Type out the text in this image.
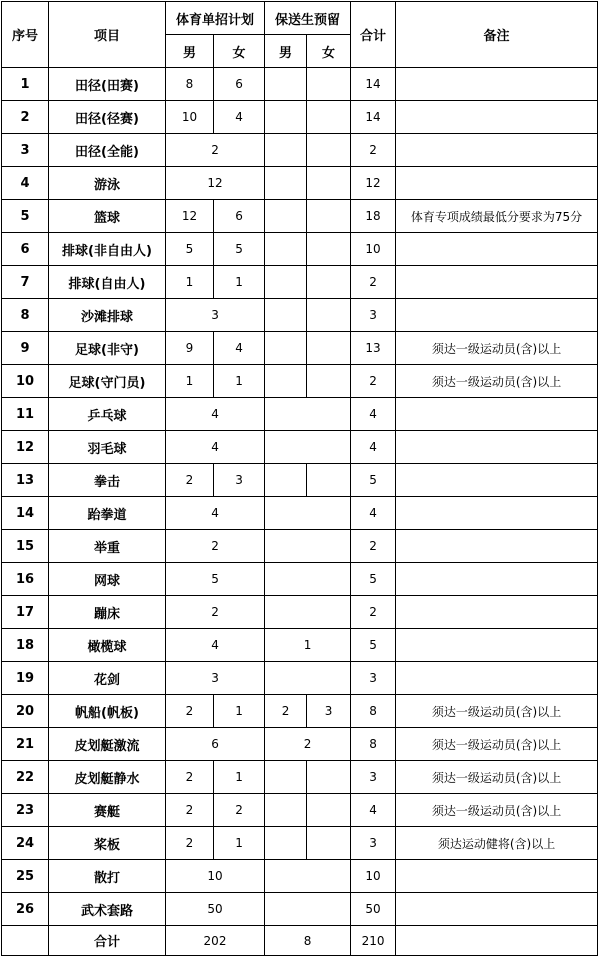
序号	项目	体育单招计划		保送生预留		合计	备注
		男	女	男	女		
1	田径(田赛)	8	6			14	
2	田径(径赛)	10	4			14	
3	田径(全能)	2				2	
4	游泳	12				12	
5	篮球	12	6			18	体育专项成绩最低分要求为75分
6	排球(非自由人)	5	5			10	
7	排球(自由人)	1	1			2	
8	沙滩排球	3				3	
9	足球(非守)	9	4			13	须达一级运动员(含)以上
10	足球(守门员)	1	1			2	须达一级运动员(含)以上
11	乒乓球	4				4	
12	羽毛球	4				4	
13	拳击	2	3			5	
14	跆拳道	4				4	
15	举重	2				2	
16	网球	5				5	
17	蹦床	2				2	
18	橄榄球	4		1		5	
19	花剑	3				3	
20	帆船(帆板)	2	1	2	3	8	须达一级运动员(含)以上
21	皮划艇激流	6		2		8	须达一级运动员(含)以上
22	皮划艇静水	2	1			3	须达一级运动员(含)以上
23	赛艇	2	2			4	须达一级运动员(含)以上
24	桨板	2	1			3	须达运动健将(含)以上
25	散打	10				10	
26	武术套路	50				50	
	合计	202		8		210	
